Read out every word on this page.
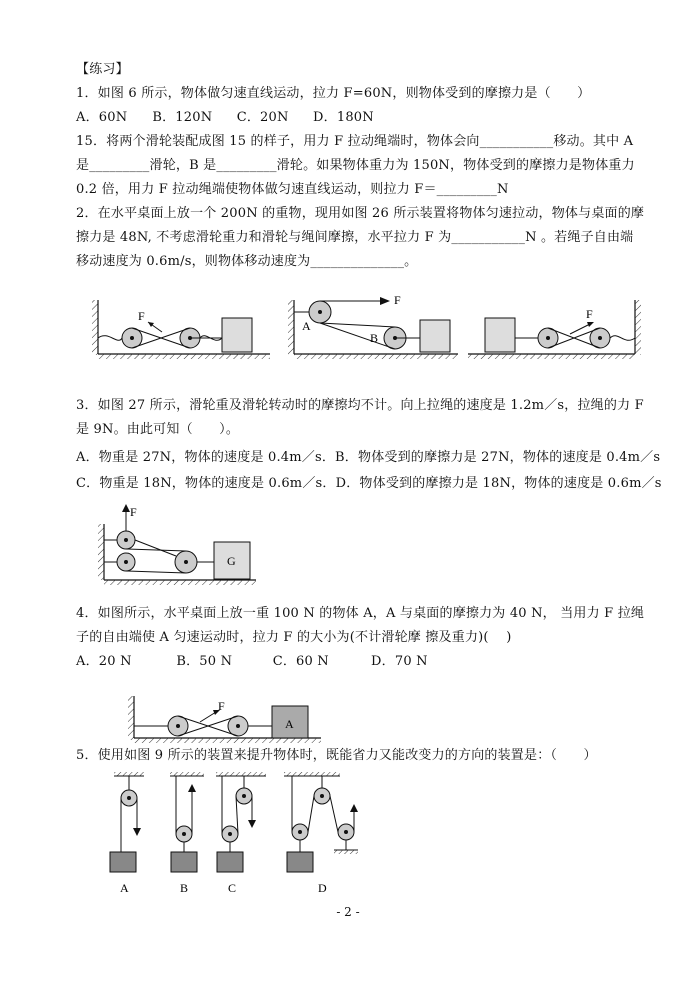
【练习】
1．如图 6 所示，物体做匀速直线运动，拉力 F=60N，则物体受到的摩擦力是（　　）
A．60N B．120N C．20N D．180N
15．将两个滑轮装配成图 15 的样子，用力 F 拉动绳端时，物体会向___________移动。其中 A
是_________滑轮，B 是_________滑轮。如果物体重力为 150N，物体受到的摩擦力是物体重力
0.2 倍，用力 F 拉动绳端使物体做匀速直线运动，则拉力 F＝_________N
2．在水平桌面上放一个 200N 的重物，现用如图 26 所示装置将物体匀速拉动，物体与桌面的摩
擦力是 48N, 不考虑滑轮重力和滑轮与绳间摩擦，水平拉力 F 为___________N 。若绳子自由端
移动速度为 0.6m/s，则物体移动速度为______________。
F
F
A
B
F
3．如图 27 所示，滑轮重及滑轮转动时的摩擦均不计。向上拉绳的速度是 1.2m／s，拉绳的力 F
是 9N。由此可知（　　）。
A．物重是 27N，物体的速度是 0.4m／s．B．物体受到的摩擦力是 27N，物体的速度是 0.4m／s
C．物重是 18N，物体的速度是 0.6m／s．D．物体受到的摩擦力是 18N，物体的速度是 0.6m／s
F
G
4．如图所示，水平桌面上放一重 100 N 的物体 A，A 与桌面的摩擦力为 40 N， 当用力 F 拉绳
子的自由端使 A 匀速运动时，拉力 F 的大小为(不计滑轮摩 擦及重力)(　 )
A．20 N	B．50 N	C．60 N	D．70 N
F
A
5．使用如图 9 所示的装置来提升物体时，既能省力又能改变力的方向的装置是：（　　）
A	B	C	D
- 2 -
